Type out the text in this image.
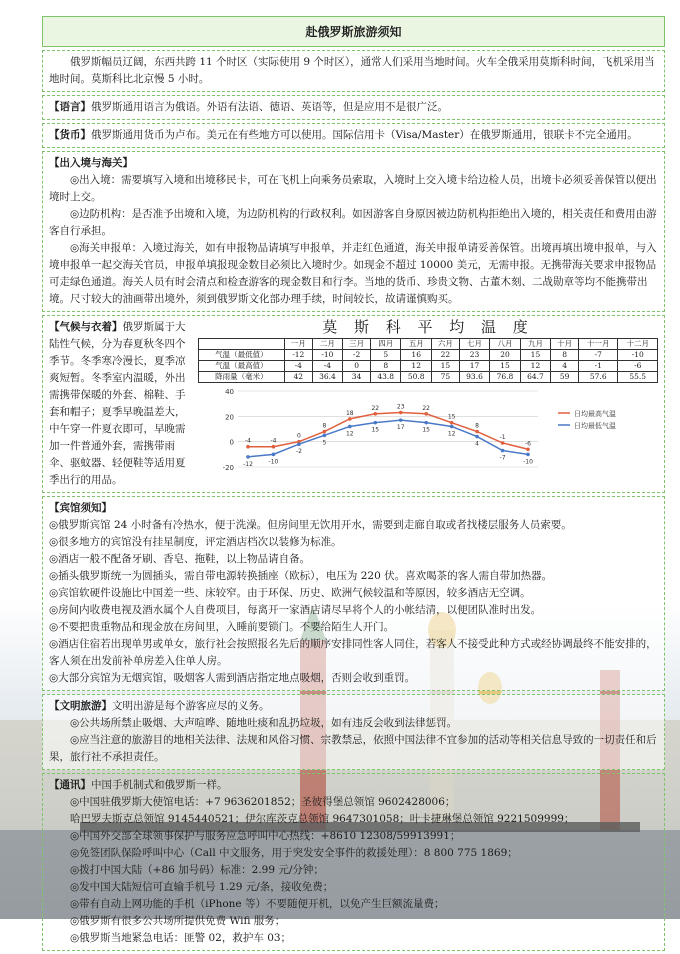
赴俄罗斯旅游须知

俄罗斯幅员辽阔，东西共跨 11 个时区（实际使用 9 个时区），通常人们采用当地时间。火车全俄采用莫斯科时间，飞机采用当地时间。莫斯科比北京慢 5 小时。

【语言】俄罗斯通用语言为俄语。外语有法语、德语、英语等，但是应用不是很广泛。
【货币】俄罗斯通用货币为卢布。美元在有些地方可以使用。国际信用卡（Visa/Master）在俄罗斯通用，银联卡不完全通用。

【出入境与海关】

◎出入境：需要填写入境和出境移民卡，可在飞机上向乘务员索取，入境时上交入境卡给边检人员，出境卡必须妥善保管以便出境时上交。

◎边防机构：是否准予出境和入境，为边防机构的行政权利。如因游客自身原因被边防机构拒绝出入境的，相关责任和费用由游客自行承担。

◎海关申报单：入境过海关，如有申报物品请填写申报单，并走红色通道，海关申报单请妥善保管。出境再填出境申报单，与入境申报单一起交海关官员，申报单填报现金数目必须比入境时少。如现金不超过 10000 美元，无需申报。无携带海关要求申报物品可走绿色通道。海关人员有时会清点和检查游客的现金数目和行李。当地的货币、珍贵文物、古董木刻、二战勋章等均不能携带出境。尺寸较大的油画带出境外，须到俄罗斯文化部办理手续，时间较长，故请谨慎购买。

【气候与衣着】俄罗斯属于大陆性气候，分为春夏秋冬四个季节。冬季寒冷漫长，夏季凉爽短暂。冬季室内温暖，外出需携带保暖的外套、棉鞋、手套和帽子；夏季早晚温差大，中午穿一件夏衣即可，早晚需加一件普通外套，需携带雨伞、驱蚊器、轻便鞋等适用夏季出行的用品。
莫 斯 科 平 均 温 度
	一月	二月	三月	四月	五月	六月	七月	八月	九月	十月	十一月	十二月
气温（最低值）	-12	-10	-2	5	16	22	23	20	15	8	-7	-10
气温（最高值）	-4	-4	0	8	12	15	17	15	12	4	-1	-6
降雨量（毫米）	42	36.4	34	43.8	50.8	75	93.6	76.8	64.7	59	57.6	55.5
40
20
0
-20
-4	-4
0
8
18
22	23	22
15
8
-1
-6
日均最高气温
-12	-10
-2
5
12
15	17	15
12
4
-7
-10
日均最低气温

【宾馆须知】

◎俄罗斯宾馆 24 小时备有冷热水，便于洗澡。但房间里无饮用开水，需要到走廊自取或者找楼层服务人员索要。

◎很多地方的宾馆没有挂星制度，评定酒店档次以装修为标准。

◎酒店一般不配备牙刷、香皂、拖鞋，以上物品请自备。

◎插头俄罗斯统一为圆插头，需自带电源转换插座（欧标），电压为 220 伏。喜欢喝茶的客人需自带加热器。

◎宾馆软硬件设施比中国差一些、床较窄。由于环保、历史、欧洲气候较温和等原因，较多酒店无空调。

◎房间内收费电视及酒水属个人自费项目，每离开一家酒店请尽早将个人的小帐结清，以便团队准时出发。

◎不要把贵重物品和现金放在房间里，入睡前要锁门。不要给陌生人开门。

◎酒店住宿若出现单男或单女，旅行社会按照报名先后的顺序安排同性客人同住，若客人不接受此种方式或经协调最终不能安排的，客人须在出发前补单房差入住单人房。

◎大部分宾馆为无烟宾馆，吸烟客人需到酒店指定地点吸烟，否则会收到重罚。

【文明旅游】文明出游是每个游客应尽的义务。

◎公共场所禁止吸烟、大声喧哗、随地吐痰和乱扔垃圾，如有违反会收到法律惩罚。

◎应当注意的旅游目的地相关法律、法规和风俗习惯、宗教禁忌，依照中国法律不宜参加的活动等相关信息导致的一切责任和后果，旅行社不承担责任。

【通讯】中国手机制式和俄罗斯一样。

◎中国驻俄罗斯大使馆电话：+7 9636201852；圣彼得堡总领馆 9602428006；

哈巴罗夫斯克总领馆 9145440521；伊尔库茨克总领馆 9647301058；叶卡捷琳堡总领馆 9221509999；

◎中国外交部全球领事保护与服务应急呼叫中心热线：+8610 12308/59913991；

◎免签团队保险呼叫中心（Call 中文服务，用于突发安全事件的救援处理）：8 800 775 1869；

◎拨打中国大陆（+86 加号码）标准：2.99 元/分钟；

◎发中国大陆短信可直输手机号 1.29 元/条，接收免费；

◎带有自动上网功能的手机（iPhone 等）不要随便开机，以免产生巨额流量费；

◎俄罗斯有很多公共场所提供免费 Wifi 服务；

◎俄罗斯当地紧急电话：匪警 02，救护车 03；
